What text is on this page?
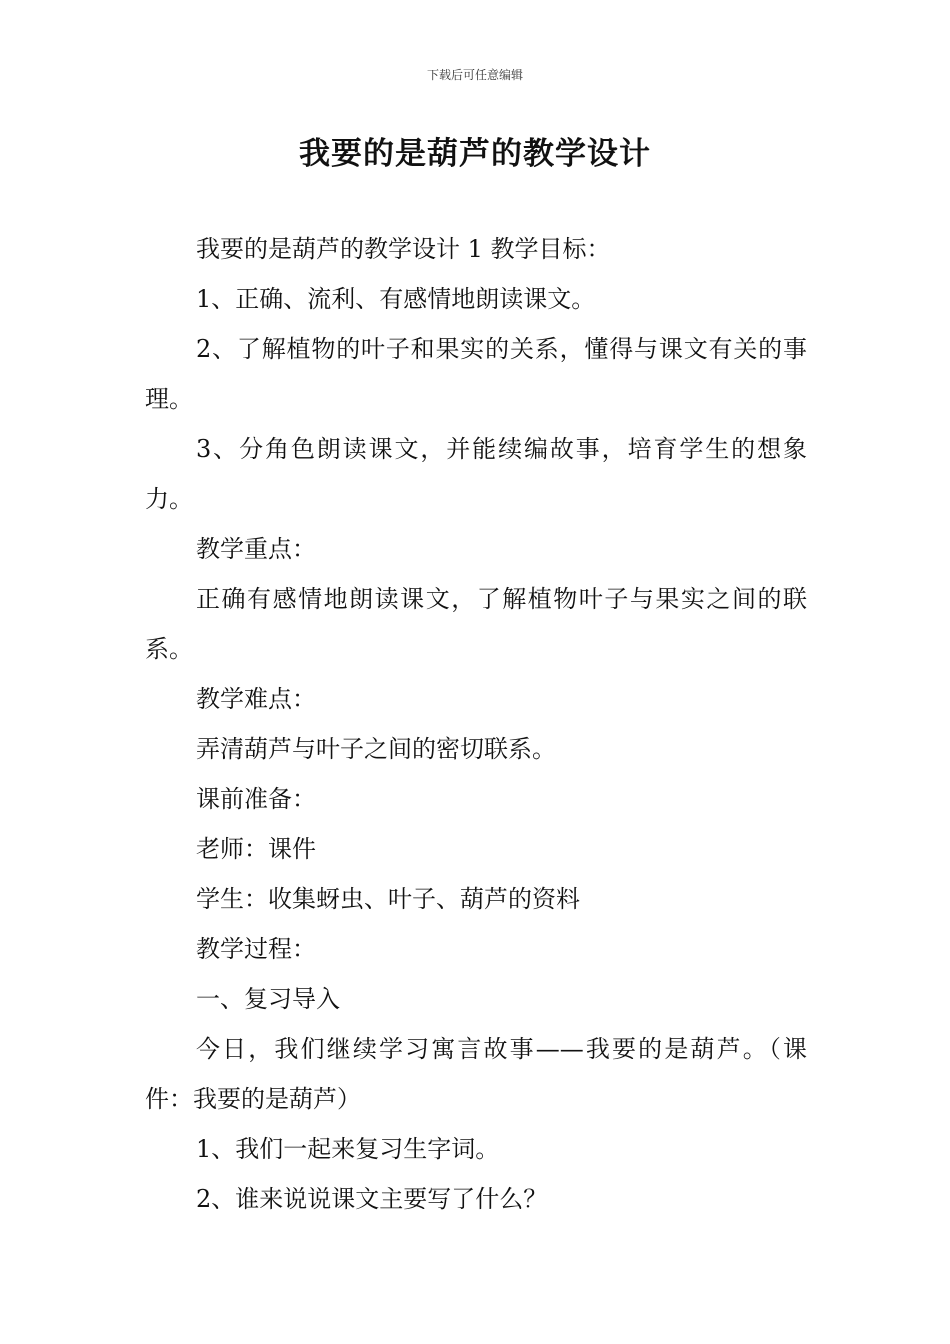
下载后可任意编辑
我要的是葫芦的教学设计

我要的是葫芦的教学设计 1 教学目标：

1、正确、流利、有感情地朗读课文。

2、了解植物的叶子和果实的关系，懂得与课文有关的事理。

3、分角色朗读课文，并能续编故事，培育学生的想象力。

教学重点：

正确有感情地朗读课文，了解植物叶子与果实之间的联系。

教学难点：

弄清葫芦与叶子之间的密切联系。

课前准备：

老师：课件

学生：收集蚜虫、叶子、葫芦的资料

教学过程：

一、复习导入

今日，我们继续学习寓言故事——我要的是葫芦。（课件：我要的是葫芦）

1、我们一起来复习生字词。

2、谁来说说课文主要写了什么？
